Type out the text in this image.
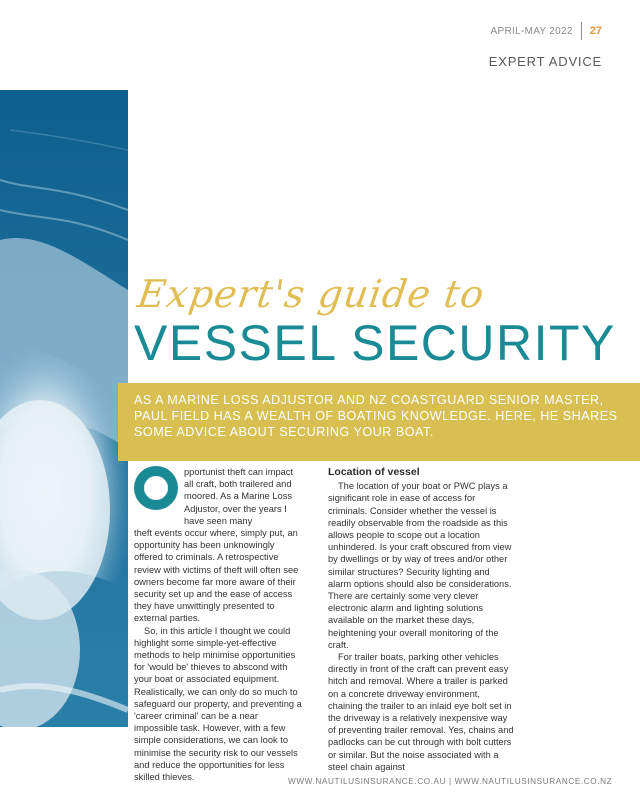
APRIL-MAY 2022 27
EXPERT ADVICE
Expert's guide to
VESSEL SECURITY

AS A MARINE LOSS ADJUSTOR AND NZ COASTGUARD SENIOR MASTER, PAUL FIELD HAS A WEALTH OF BOATING KNOWLEDGE. HERE, HE SHARES SOME ADVICE ABOUT SECURING YOUR BOAT.

pportunist theft can impact all craft, both trailered and moored. As a Marine Loss Adjustor, over the years I have seen many

theft events occur where, simply put, an opportunity has been unknowingly offered to criminals. A retrospective review with victims of theft will often see owners become far more aware of their security set up and the ease of access they have unwittingly presented to external parties.

So, in this article I thought we could highlight some simple-yet-effective methods to help minimise opportunities for 'would be' thieves to abscond with your boat or associated equipment. Realistically, we can only do so much to safeguard our property, and preventing a 'career criminal' can be a near impossible task. However, with a few simple considerations, we can look to minimise the security risk to our vessels and reduce the opportunities for less skilled thieves.

Location of vessel

The location of your boat or PWC plays a significant role in ease of access for criminals. Consider whether the vessel is readily observable from the roadside as this allows people to scope out a location unhindered. Is your craft obscured from view by dwellings or by way of trees and/or other similar structures? Security lighting and alarm options should also be considerations. There are certainly some very clever electronic alarm and lighting solutions available on the market these days, heightening your overall monitoring of the craft.

For trailer boats, parking other vehicles directly in front of the craft can prevent easy hitch and removal. Where a trailer is parked on a concrete driveway environment, chaining the trailer to an inlaid eye bolt set in the driveway is a relatively inexpensive way of preventing trailer removal. Yes, chains and padlocks can be cut through with bolt cutters or similar. But the noise associated with a steel chain against

WWW.NAUTILUSINSURANCE.CO.AU | WWW.NAUTILUSINSURANCE.CO.NZ
